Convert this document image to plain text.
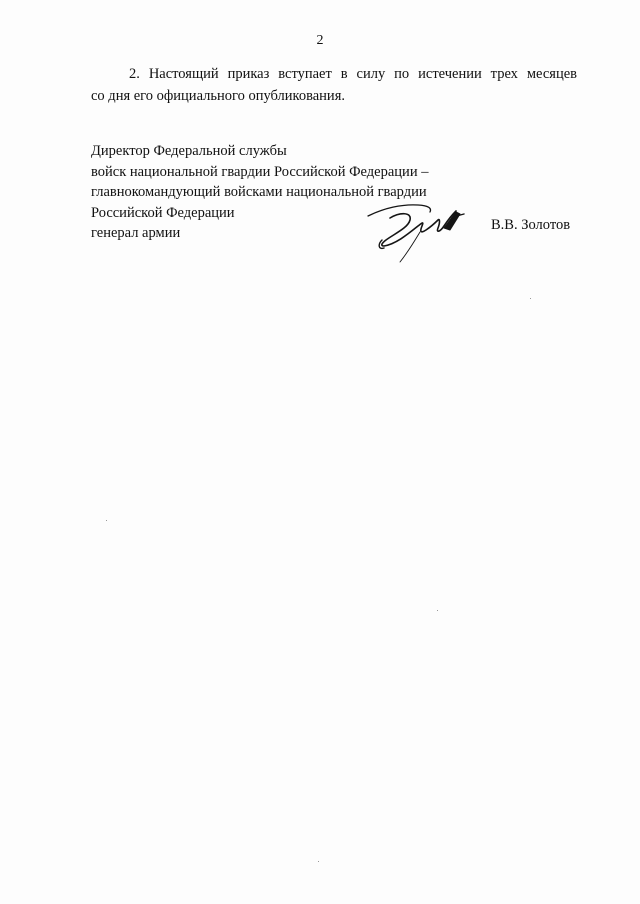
2
2. Настоящий приказ вступает в силу по истечении трех месяцев
со дня его официального опубликования.
Директор Федеральной службы
войск национальной гвардии Российской Федерации –
главнокомандующий войсками национальной гвардии
Российской Федерации
генерал армии	В.В. Золотов
